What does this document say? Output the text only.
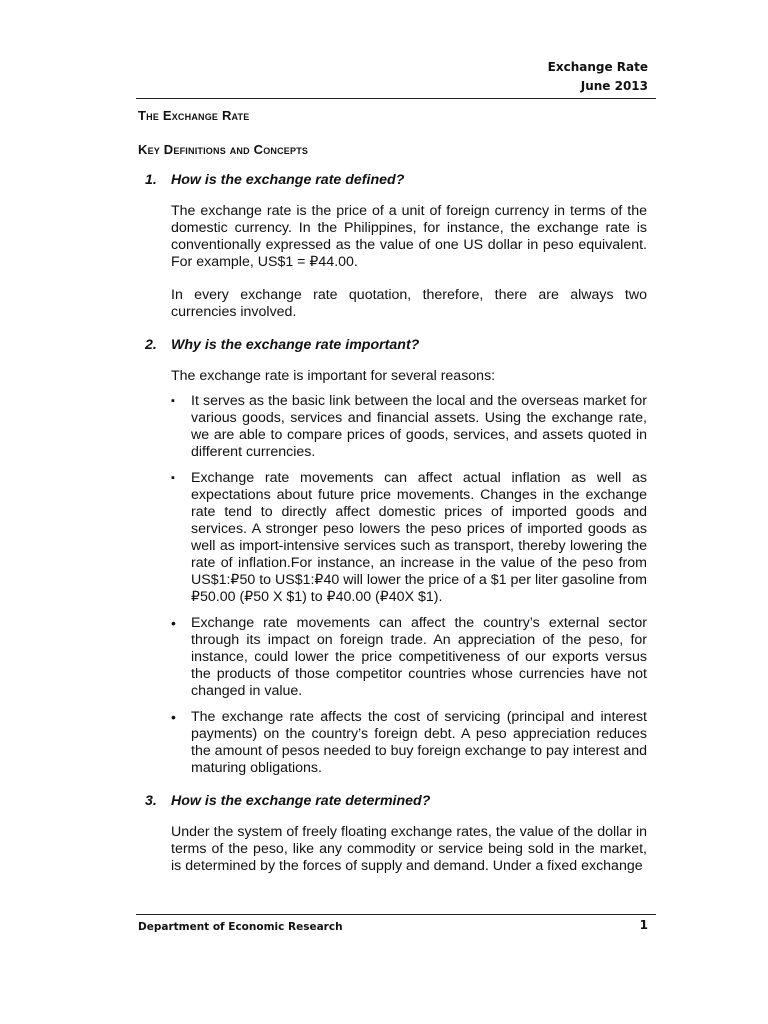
Exchange Rate
June 2013
The Exchange Rate
Key Definitions and Concepts
1. How is the exchange rate defined?
The exchange rate is the price of a unit of foreign currency in terms of the domestic currency. In the Philippines, for instance, the exchange rate is conventionally expressed as the value of one US dollar in peso equivalent. For example, US$1 = ₽44.00.
In every exchange rate quotation, therefore, there are always two currencies involved.
2. Why is the exchange rate important?
The exchange rate is important for several reasons:
▪	It serves as the basic link between the local and the overseas market for various goods, services and financial assets. Using the exchange rate, we are able to compare prices of goods, services, and assets quoted in different currencies.
▪	Exchange rate movements can affect actual inflation as well as expectations about future price movements. Changes in the exchange rate tend to directly affect domestic prices of imported goods and services. A stronger peso lowers the peso prices of imported goods as well as import-intensive services such as transport, thereby lowering the rate of inflation.For instance, an increase in the value of the peso from US$1:₽50 to US$1:₽40 will lower the price of a $1 per liter gasoline from ₽50.00 (₽50 X $1) to ₽40.00 (₽40X $1).
•	Exchange rate movements can affect the country’s external sector through its impact on foreign trade. An appreciation of the peso, for instance, could lower the price competitiveness of our exports versus the products of those competitor countries whose currencies have not changed in value.
•	The exchange rate affects the cost of servicing (principal and interest payments) on the country’s foreign debt. A peso appreciation reduces the amount of pesos needed to buy foreign exchange to pay interest and maturing obligations.
3. How is the exchange rate determined?
Under the system of freely floating exchange rates, the value of the dollar in terms of the peso, like any commodity or service being sold in the market, is determined by the forces of supply and demand. Under a fixed exchange
Department of Economic Research	1
